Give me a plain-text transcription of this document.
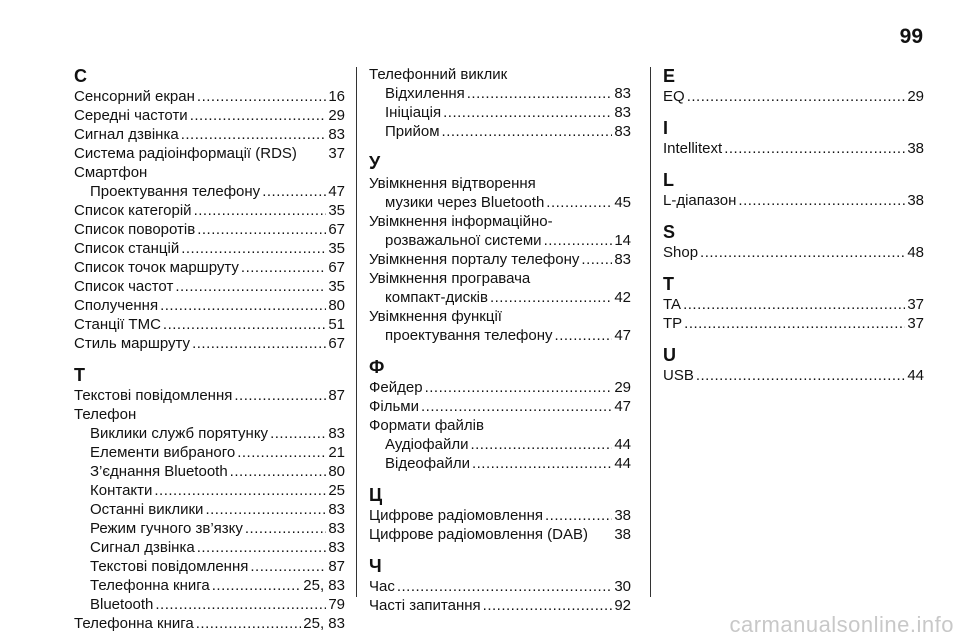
99
С
Сенсорний екран .....	16
Середні частоти .....	29
Сигнал дзвінка .....	83
Система радіоінформації (RDS) 37
Смартфон
Проектування телефону .....	47
Список категорій .....	35
Список поворотів .....	67
Список станцій .....	35
Список точок маршруту .....	67
Список частот .....	35
Сполучення .....	80
Станції TMC .....	51
Стиль маршруту .....	67
Т
Текстові повідомлення .....	87
Телефон
Виклики служб порятунку .....	83
Елементи вибраного .....	21
З’єднання Bluetooth .....	80
Контакти .....	25
Останні виклики .....	83
Режим гучного зв’язку .....	83
Сигнал дзвінка .....	83
Текстові повідомлення .....	87
Телефонна книга .....	25, 83
Bluetooth .....	79
Телефонна книга .....	25, 83
Телефонний виклик
Відхилення .....	83
Ініціація .....	83
Прийом .....	83
У
Увімкнення відтворення
музики через Bluetooth .....	45
Увімкнення інформаційно-
розважальної системи .....	14
Увімкнення порталу телефону ..... 83
Увімкнення програвача
компакт-дисків .....	42
Увімкнення функції
проектування телефону .....	47
Ф
Фейдер .....	29
Фільми .....	47
Формати файлів
Аудіофайли .....	44
Відеофайли .....	44
Ц
Цифрове радіомовлення .....	38
Цифрове радіомовлення (DAB) 38
Ч
Час .....	30
Часті запитання .....	92
E
EQ .....	29
I
Intellitext .....	38
L
L-діапазон .....	38
S
Shop .....	48
T
TA .....	37
TP .....	37
U
USB .....	44
carmanualsonline.info
